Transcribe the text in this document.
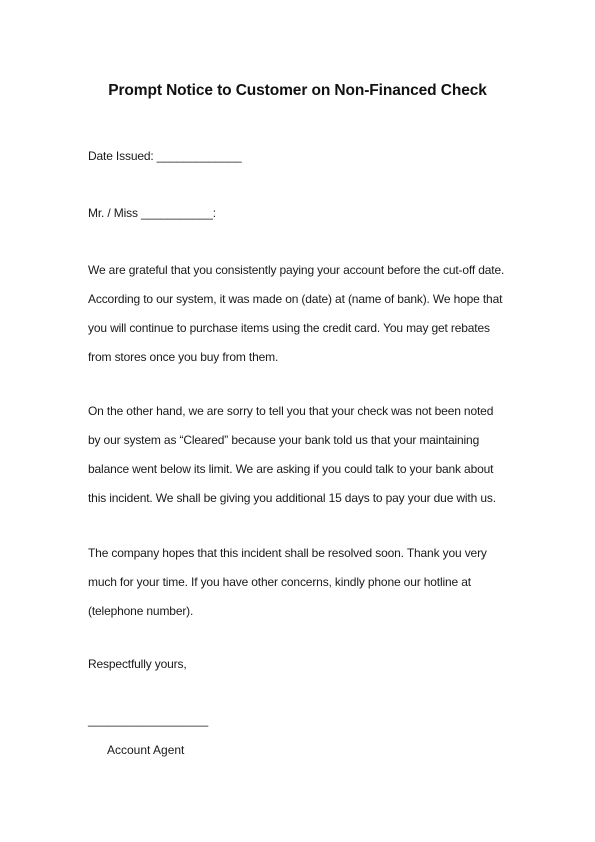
Prompt Notice to Customer on Non-Financed Check
Date Issued: _____________
Mr. / Miss ___________:

We are grateful that you consistently paying your account before the cut-off date.

According to our system, it was made on (date) at (name of bank). We hope that

you will continue to purchase items using the credit card. You may get rebates

from stores once you buy from them.

On the other hand, we are sorry to tell you that your check was not been noted

by our system as “Cleared” because your bank told us that your maintaining

balance went below its limit. We are asking if you could talk to your bank about

this incident. We shall be giving you additional 15 days to pay your due with us.

The company hopes that this incident shall be resolved soon. Thank you very

much for your time. If you have other concerns, kindly phone our hotline at

(telephone number).

Respectfully yours,
__________________
Account Agent
